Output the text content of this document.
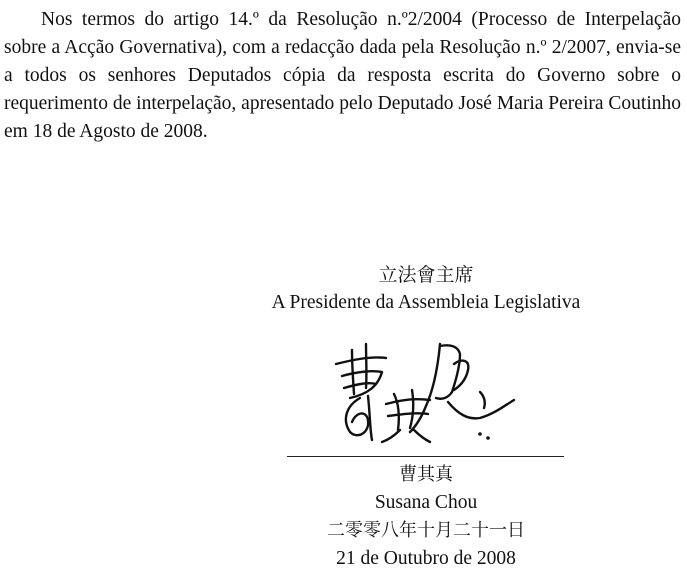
Nos termos do artigo 14.º da Resolução n.º2/2004 (Processo de Interpelação sobre a Acção Governativa), com a redacção dada pela Resolução n.º 2/2007, envia-se a todos os senhores Deputados cópia da resposta escrita do Governo sobre o requerimento de interpelação, apresentado pelo Deputado José Maria Pereira Coutinho em 18 de Agosto de 2008.

立法會主席
A Presidente da Assembleia Legislativa
曹其真
Susana Chou
二零零八年十月二十一日
21 de Outubro de 2008
